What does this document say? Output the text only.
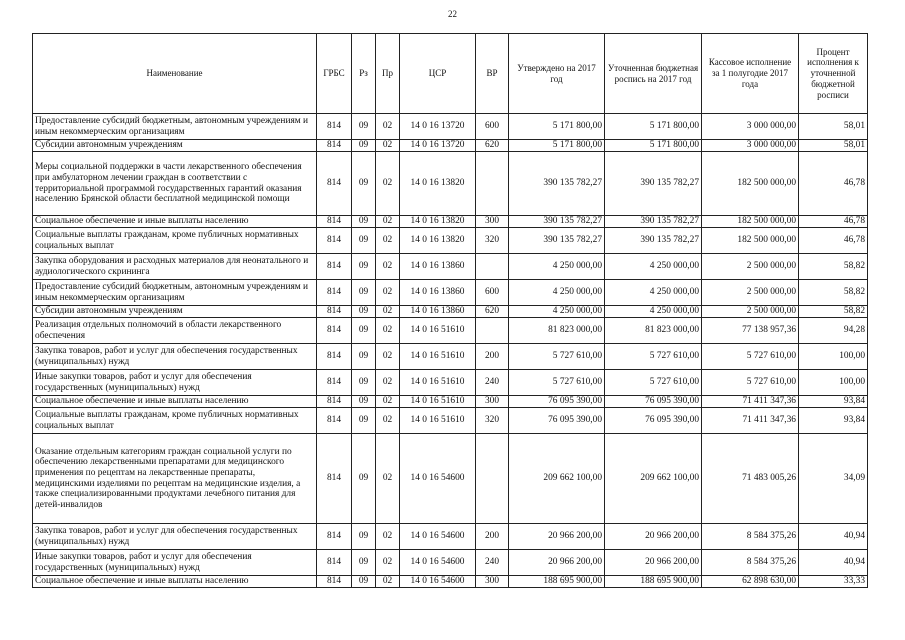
22
Наименование	ГРБС	Рз	Пр	ЦСР	ВР	Утверждено на 2017 год	Уточненная бюджетная роспись на 2017 год	Кассовое исполнение за 1 полугодие 2017 года	Процент исполнения к уточненной бюджетной росписи
Предоставление субсидий бюджетным, автономным учреждениям и иным некоммерческим организациям	814	09	02	14 0 16 13720	600	5 171 800,00	5 171 800,00	3 000 000,00	58,01
Субсидии автономным учреждениям	814	09	02	14 0 16 13720	620	5 171 800,00	5 171 800,00	3 000 000,00	58,01
Меры социальной поддержки в части лекарственного обеспечения при амбулаторном лечении граждан в соответствии с территориальной программой государственных гарантий оказания населению Брянской области бесплатной медицинской помощи	814	09	02	14 0 16 13820		390 135 782,27	390 135 782,27	182 500 000,00	46,78
Социальное обеспечение и иные выплаты населению	814	09	02	14 0 16 13820	300	390 135 782,27	390 135 782,27	182 500 000,00	46,78
Социальные выплаты гражданам, кроме публичных нормативных социальных выплат	814	09	02	14 0 16 13820	320	390 135 782,27	390 135 782,27	182 500 000,00	46,78
Закупка оборудования и расходных материалов для неонатального и аудиологического скрининга	814	09	02	14 0 16 13860		4 250 000,00	4 250 000,00	2 500 000,00	58,82
Предоставление субсидий бюджетным, автономным учреждениям и иным некоммерческим организациям	814	09	02	14 0 16 13860	600	4 250 000,00	4 250 000,00	2 500 000,00	58,82
Субсидии автономным учреждениям	814	09	02	14 0 16 13860	620	4 250 000,00	4 250 000,00	2 500 000,00	58,82
Реализация отдельных полномочий в области лекарственного обеспечения	814	09	02	14 0 16 51610		81 823 000,00	81 823 000,00	77 138 957,36	94,28
Закупка товаров, работ и услуг для обеспечения государственных (муниципальных) нужд	814	09	02	14 0 16 51610	200	5 727 610,00	5 727 610,00	5 727 610,00	100,00
Иные закупки товаров, работ и услуг для обеспечения государственных (муниципальных) нужд	814	09	02	14 0 16 51610	240	5 727 610,00	5 727 610,00	5 727 610,00	100,00
Социальное обеспечение и иные выплаты населению	814	09	02	14 0 16 51610	300	76 095 390,00	76 095 390,00	71 411 347,36	93,84
Социальные выплаты гражданам, кроме публичных нормативных социальных выплат	814	09	02	14 0 16 51610	320	76 095 390,00	76 095 390,00	71 411 347,36	93,84
Оказание отдельным категориям граждан социальной услуги по обеспечению лекарственными препаратами для медицинского применения по рецептам на лекарственные препараты, медицинскими изделиями по рецептам на медицинские изделия, а также специализированными продуктами лечебного питания для детей-инвалидов	814	09	02	14 0 16 54600		209 662 100,00	209 662 100,00	71 483 005,26	34,09
Закупка товаров, работ и услуг для обеспечения государственных (муниципальных) нужд	814	09	02	14 0 16 54600	200	20 966 200,00	20 966 200,00	8 584 375,26	40,94
Иные закупки товаров, работ и услуг для обеспечения государственных (муниципальных) нужд	814	09	02	14 0 16 54600	240	20 966 200,00	20 966 200,00	8 584 375,26	40,94
Социальное обеспечение и иные выплаты населению	814	09	02	14 0 16 54600	300	188 695 900,00	188 695 900,00	62 898 630,00	33,33
